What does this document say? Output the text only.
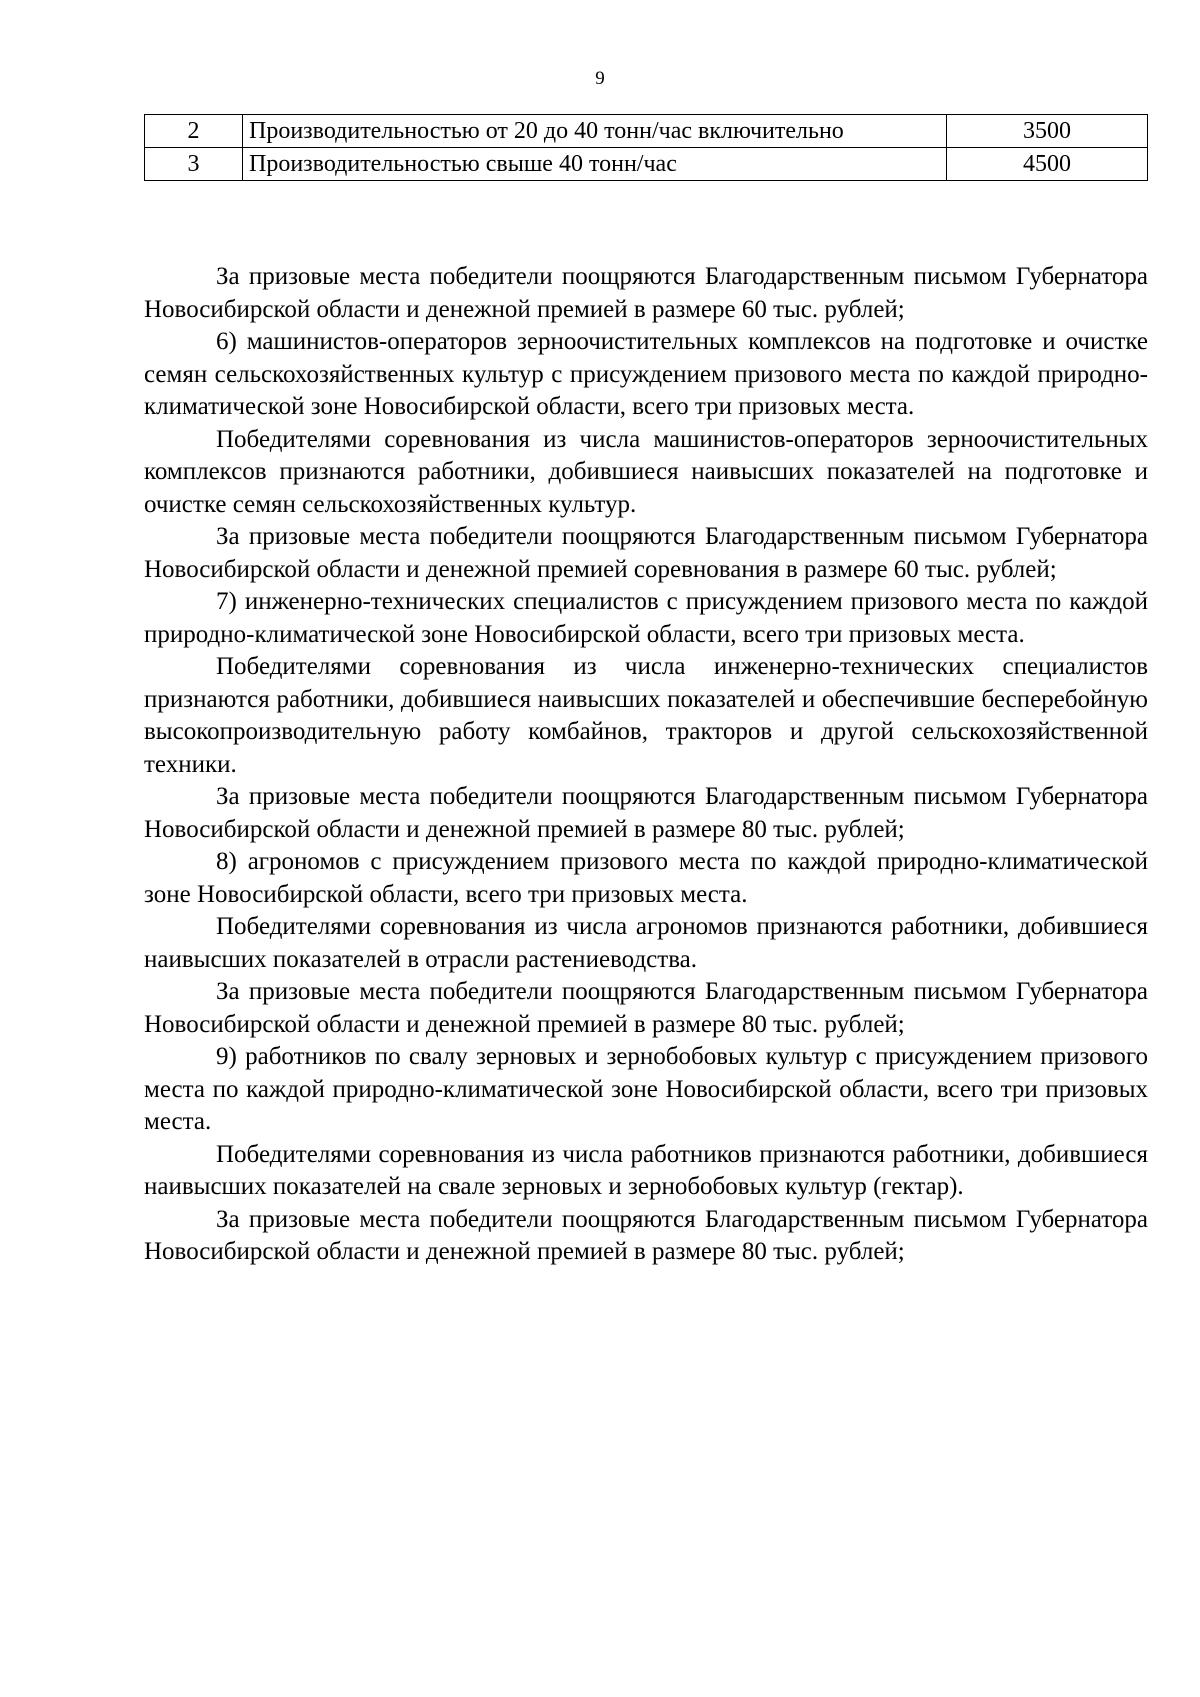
9
2	Производительностью от 20 до 40 тонн/час включительно	3500
3	Производительностью свыше 40 тонн/час	4500

За призовые места победители поощряются Благодарственным письмом Губернатора Новосибирской области и денежной премией в размере 60 тыс. рублей;

6) машинистов-операторов зерноочистительных комплексов на подготовке и очистке семян сельскохозяйственных культур с присуждением призового места по каждой природно-климатической зоне Новосибирской области, всего три призовых места.

Победителями соревнования из числа машинистов-операторов зерноочистительных комплексов признаются работники, добившиеся наивысших показателей на подготовке и очистке семян сельскохозяйственных культур.

За призовые места победители поощряются Благодарственным письмом Губернатора Новосибирской области и денежной премией соревнования в размере 60 тыс. рублей;

7) инженерно-технических специалистов с присуждением призового места по каждой природно-климатической зоне Новосибирской области, всего три призовых места.

Победителями соревнования из числа инженерно-технических специалистов признаются работники, добившиеся наивысших показателей и обеспечившие бесперебойную высокопроизводительную работу комбайнов, тракторов и другой сельскохозяйственной техники.

За призовые места победители поощряются Благодарственным письмом Губернатора Новосибирской области и денежной премией в размере 80 тыс. рублей;

8) агрономов с присуждением призового места по каждой природно-климатической зоне Новосибирской области, всего три призовых места.

Победителями соревнования из числа агрономов признаются работники, добившиеся наивысших показателей в отрасли растениеводства.

За призовые места победители поощряются Благодарственным письмом Губернатора Новосибирской области и денежной премией в размере 80 тыс. рублей;

9) работников по свалу зерновых и зернобобовых культур с присуждением призового места по каждой природно-климатической зоне Новосибирской области, всего три призовых места.

Победителями соревнования из числа работников признаются работники, добившиеся наивысших показателей на свале зерновых и зернобобовых культур (гектар).

За призовые места победители поощряются Благодарственным письмом Губернатора Новосибирской области и денежной премией в размере 80 тыс. рублей;
